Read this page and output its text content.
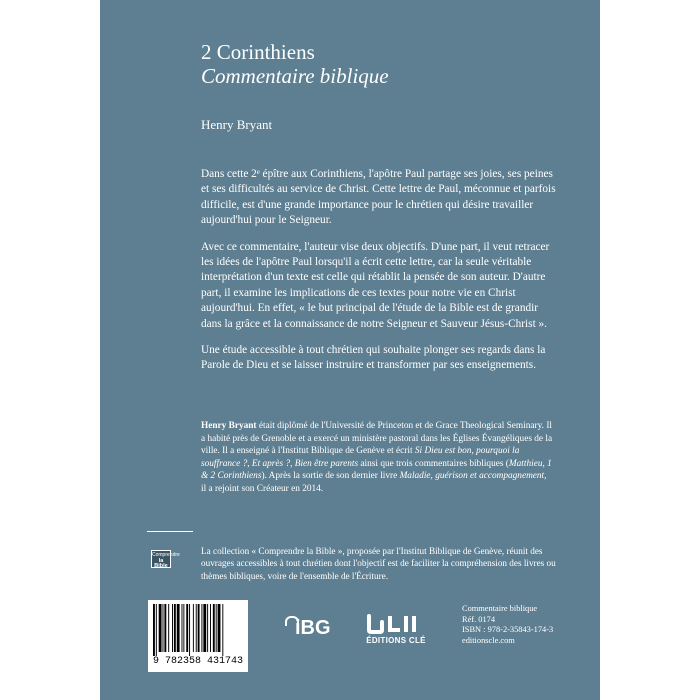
2 Corinthiens
Commentaire biblique
Henry Bryant

Dans cette 2ᵉ épître aux Corinthiens, l'apôtre Paul partage ses joies, ses peines et ses difficultés au service de Christ. Cette lettre de Paul, méconnue et parfois difficile, est d'une grande importance pour le chrétien qui désire travailler aujourd'hui pour le Seigneur.

Avec ce commentaire, l'auteur vise deux objectifs. D'une part, il veut retracer les idées de l'apôtre Paul lorsqu'il a écrit cette lettre, car la seule véritable interprétation d'un texte est celle qui rétablit la pensée de son auteur. D'autre part, il examine les implications de ces textes pour notre vie en Christ aujourd'hui. En effet, « le but principal de l'étude de la Bible est de grandir dans la grâce et la connaissance de notre Seigneur et Sauveur Jésus-Christ ».

Une étude accessible à tout chrétien qui souhaite plonger ses regards dans la Parole de Dieu et se laisser instruire et transformer par ses enseignements.

Henry Bryant était diplômé de l'Université de Princeton et de Grace Theological Seminary. Il a habité près de Grenoble et a exercé un ministère pastoral dans les Églises Évangéliques de la ville. Il a enseigné à l'Institut Biblique de Genève et écrit Si Dieu est bon, pourquoi la souffrance ?, Et après ?, Bien être parents ainsi que trois commentaires bibliques (Matthieu, 1 & 2 Corinthiens). Après la sortie de son dernier livre Maladie, guérison et accompagnement, il a rejoint son Créateur en 2014.
Comprendre
la Bible
La collection « Comprendre la Bible », proposée par l'Institut Biblique de Genève, réunit des ouvrages accessibles à tout chrétien dont l'objectif est de faciliter la compréhension des livres ou thèmes bibliques, voire de l'ensemble de l'Écriture.
9 782358 431743
iBG
ÉDITIONS CLÉ
Commentaire biblique
Réf. 0174
ISBN : 978-2-35843-174-3
editionscle.com
